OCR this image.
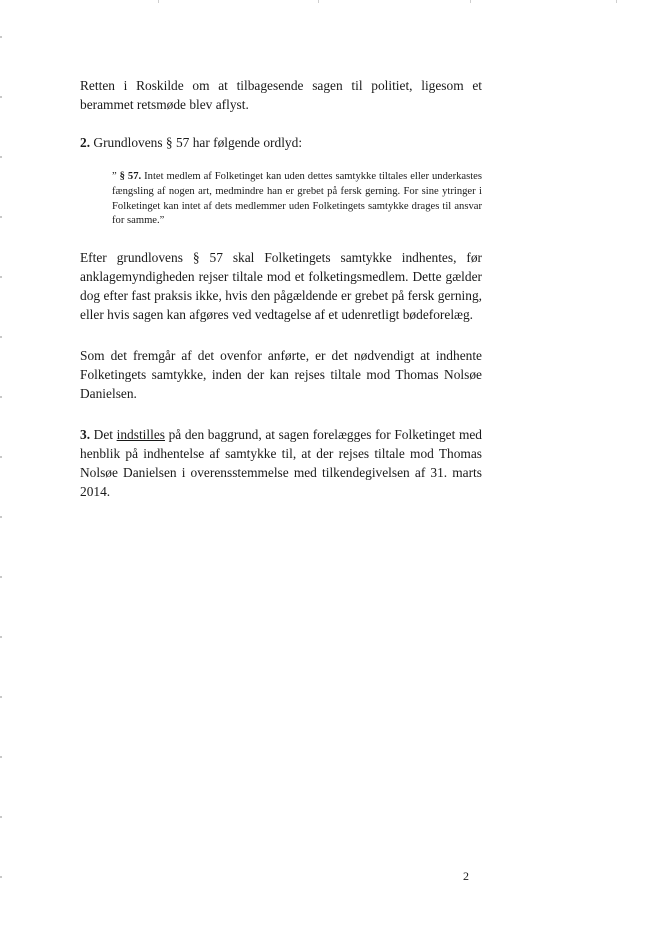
Retten i Roskilde om at tilbagesende sagen til politiet, ligesom et berammet retsmøde blev aflyst.

2. Grundlovens § 57 har følgende ordlyd:

” § 57. Intet medlem af Folketinget kan uden dettes samtykke tiltales eller underkastes fængsling af nogen art, medmindre han er grebet på fersk gerning. For sine ytringer i Folketinget kan intet af dets medlemmer uden Folketingets samtykke drages til ansvar for samme.”

Efter grundlovens § 57 skal Folketingets samtykke indhentes, før anklagemyndigheden rejser tiltale mod et folketingsmedlem. Dette gælder dog efter fast praksis ikke, hvis den pågældende er grebet på fersk gerning, eller hvis sagen kan afgøres ved vedtagelse af et udenretligt bødeforelæg.

Som det fremgår af det ovenfor anførte, er det nødvendigt at indhente Folketingets samtykke, inden der kan rejses tiltale mod Thomas Nolsøe Danielsen.

3. Det indstilles på den baggrund, at sagen forelægges for Folketinget med henblik på indhentelse af samtykke til, at der rejses tiltale mod Thomas Nolsøe Danielsen i overensstemmelse med tilkendegivelsen af 31. marts 2014.

2
